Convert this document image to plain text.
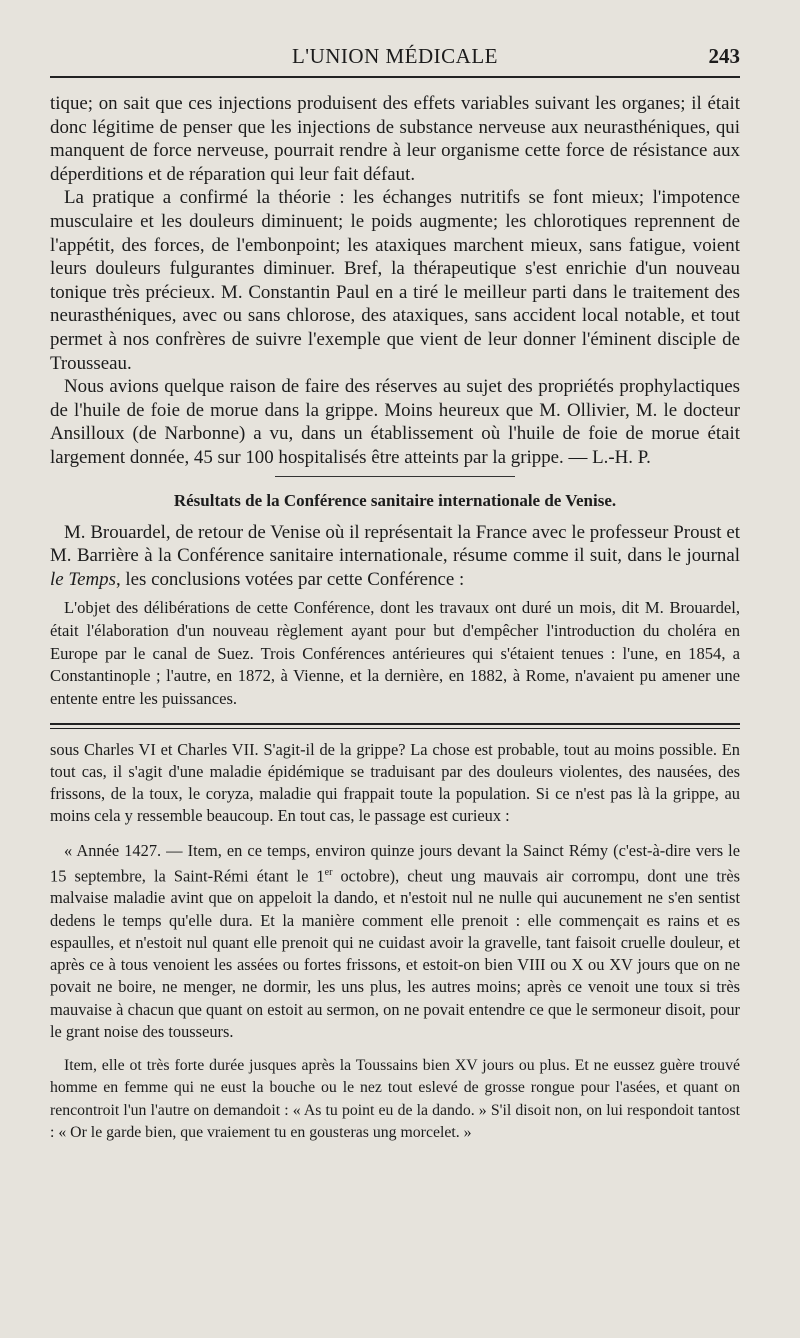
L'UNION MÉDICALE	243

tique; on sait que ces injections produisent des effets variables suivant les organes; il était donc légitime de penser que les injections de substance nerveuse aux neurasthéniques, qui manquent de force nerveuse, pourrait rendre à leur organisme cette force de résistance aux déperditions et de réparation qui leur fait défaut.

La pratique a confirmé la théorie : les échanges nutritifs se font mieux; l'impotence musculaire et les douleurs diminuent; le poids augmente; les chlorotiques reprennent de l'appétit, des forces, de l'embonpoint; les ataxiques marchent mieux, sans fatigue, voient leurs douleurs fulgurantes diminuer. Bref, la thérapeutique s'est enrichie d'un nouveau tonique très précieux. M. Constantin Paul en a tiré le meilleur parti dans le traitement des neurasthéniques, avec ou sans chlorose, des ataxiques, sans accident local notable, et tout permet à nos confrères de suivre l'exemple que vient de leur donner l'éminent disciple de Trousseau.

Nous avions quelque raison de faire des réserves au sujet des propriétés prophylactiques de l'huile de foie de morue dans la grippe. Moins heureux que M. Ollivier, M. le docteur Ansilloux (de Narbonne) a vu, dans un établissement où l'huile de foie de morue était largement donnée, 45 sur 100 hospitalisés être atteints par la grippe. — L.-H. P.

Résultats de la Conférence sanitaire internationale de Venise.

M. Brouardel, de retour de Venise où il représentait la France avec le professeur Proust et M. Barrière à la Conférence sanitaire internationale, résume comme il suit, dans le journal le Temps, les conclusions votées par cette Conférence :

L'objet des délibérations de cette Conférence, dont les travaux ont duré un mois, dit M. Brouardel, était l'élaboration d'un nouveau règlement ayant pour but d'empêcher l'introduction du choléra en Europe par le canal de Suez. Trois Conférences antérieures qui s'étaient tenues : l'une, en 1854, a Constantinople ; l'autre, en 1872, à Vienne, et la dernière, en 1882, à Rome, n'avaient pu amener une entente entre les puissances.

sous Charles VI et Charles VII. S'agit-il de la grippe? La chose est probable, tout au moins possible. En tout cas, il s'agit d'une maladie épidémique se traduisant par des douleurs violentes, des nausées, des frissons, de la toux, le coryza, maladie qui frappait toute la population. Si ce n'est pas là la grippe, au moins cela y ressemble beaucoup. En tout cas, le passage est curieux :

« Année 1427. — Item, en ce temps, environ quinze jours devant la Sainct Rémy (c'est-à-dire vers le 15 septembre, la Saint-Rémi étant le 1er octobre), cheut ung mauvais air corrompu, dont une très malvaise maladie avint que on appeloit la dando, et n'estoit nul ne nulle qui aucunement ne s'en sentist dedens le temps qu'elle dura. Et la manière comment elle prenoit : elle commençait es rains et es espaulles, et n'estoit nul quant elle prenoit qui ne cuidast avoir la gravelle, tant faisoit cruelle douleur, et après ce à tous venoient les assées ou fortes frissons, et estoit-on bien VIII ou X ou XV jours que on ne povait ne boire, ne menger, ne dormir, les uns plus, les autres moins; après ce venoit une toux si très mauvaise à chacun que quant on estoit au sermon, on ne povait entendre ce que le sermoneur disoit, pour le grant noise des tousseurs.

Item, elle ot très forte durée jusques après la Toussains bien XV jours ou plus. Et ne eussez guère trouvé homme en femme qui ne eust la bouche ou le nez tout eslevé de grosse rongue pour l'asées, et quant on rencontroit l'un l'autre on demandoit : « As tu point eu de la dando. » S'il disoit non, on lui respondoit tantost : « Or le garde bien, que vraiement tu en gousteras ung morcelet. »
